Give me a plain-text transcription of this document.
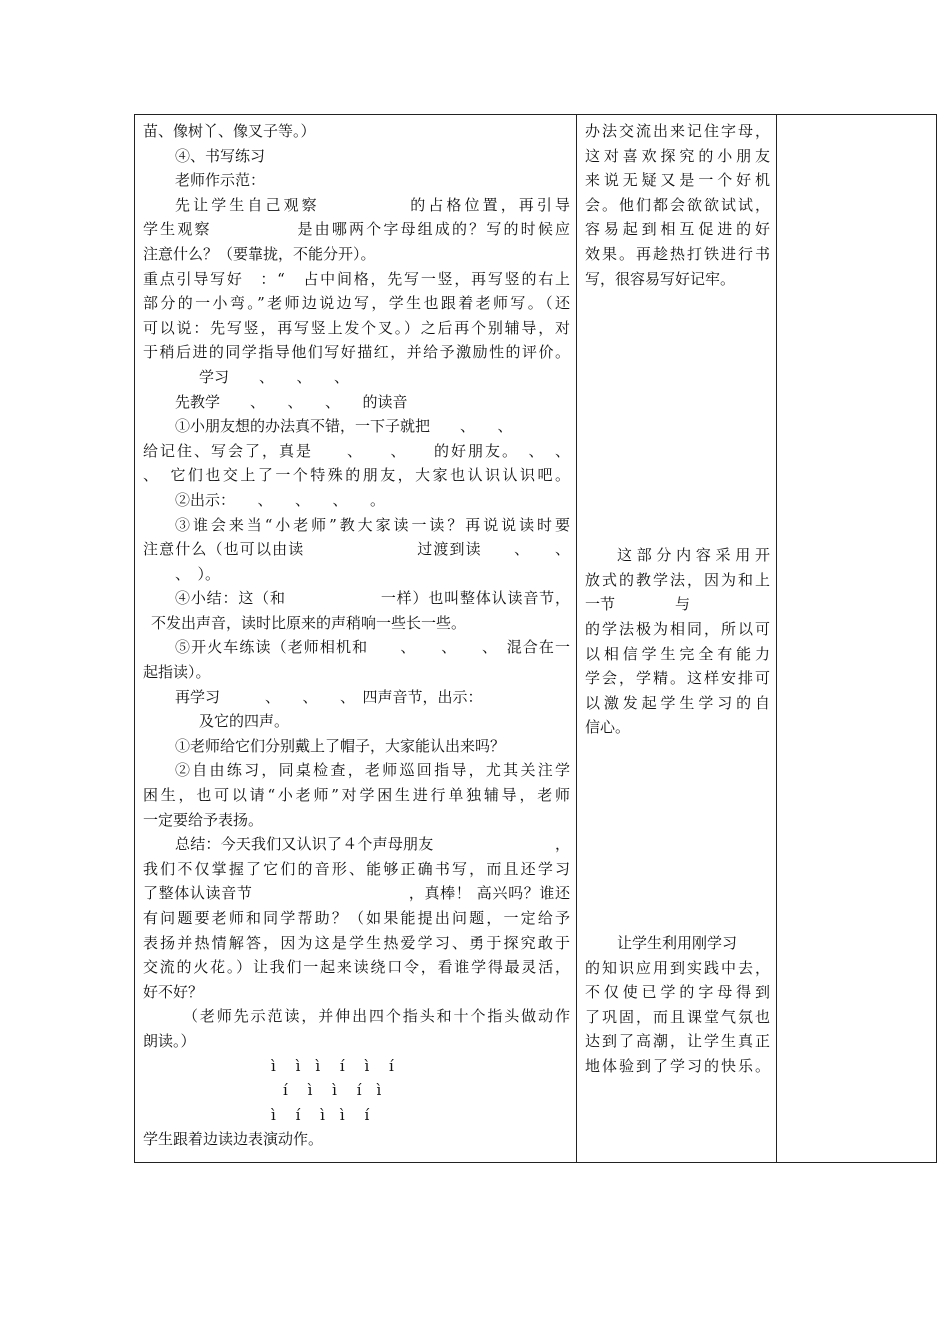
苗、像树丫、像叉子等。）
④、书写练习
老师作示范：
先让学生自己观察　　　　　的占格位置，再引导
学生观察　　　　　是由哪两个字母组成的？写的时候应
注意什么？（要靠拢，不能分开）。
重点引导写好　：“　占中间格，先写一竖，再写竖的右上
部分的一小弯。”老师边说边写，学生也跟着老师写。（还
可以说：先写竖，再写竖上发个叉。）之后再个别辅导，对
于稍后进的同学指导他们写好描红，并给予激励性的评价。
学习　　、　　、　　、
先教学　　、　　、　　、　　的读音
①小朋友想的办法真不错，一下子就把　　、　　、
给记住、写会了，真是　　、　　、　　的好朋友。　、　、
、　它们也交上了一个特殊的朋友，大家也认识认识吧。
②出示：　　、　　、　　、　　。
③谁会来当“小老师”教大家读一读？再说说读时要
注意什么（也可以由读　　　　　　　过渡到读　　、　　、
、　）。
④小结：这（和　　　　　　一样）也叫整体认读音节，
不发出声音，读时比原来的声稍响一些长一些。
⑤开火车练读（老师相机和　　、　　、　　、　混合在一
起指读）。
再学习　　　、　　、　　、　四声音节，出示：
及它的四声。
①老师给它们分别戴上了帽子，大家能认出来吗？
②自由练习，同桌检查，老师巡回指导，尤其关注学
困生，也可以请“小老师”对学困生进行单独辅导，老师
一定要给予表扬。
总结：今天我们又认识了４个声母朋友　　　　　　　　，
我们不仅掌握了它们的音形、能够正确书写，而且还学习
了整体认读音节　　　　　　　　　　，真棒！ 高兴吗？谁还
有问题要老师和同学帮助？（如果能提出问题，一定给予
表扬并热情解答，因为这是学生热爱学习、勇于探究敢于
交流的火花。）让我们一起来读绕口令，看谁学得最灵活，
好不好？
（老师先示范读，并伸出四个指头和十个指头做动作
朗读。）
ì　 ì　ì　 í　 ì　 í
í　 ì　 ì　 í　ì
ì　 í　 ì　ì　 í
学生跟着边读边表演动作。

办法交流出来记住字母，
这对喜欢探究的小朋友
来说无疑又是一个好机
会。他们都会欲欲试试，
容易起到相互促进的好
效果。再趁热打铁进行书
写，很容易写好记牢。
这部分内容采用开
放式的教学法，因为和上
一节　　　　与
的学法极为相同，所以可
以相信学生完全有能力
学会，学精。这样安排可
以激发起学生学习的自
信心。
让学生利用刚学习
的知识应用到实践中去，
不仅使已学的字母得到
了巩固，而且课堂气氛也
达到了高潮，让学生真正
地体验到了学习的快乐。
